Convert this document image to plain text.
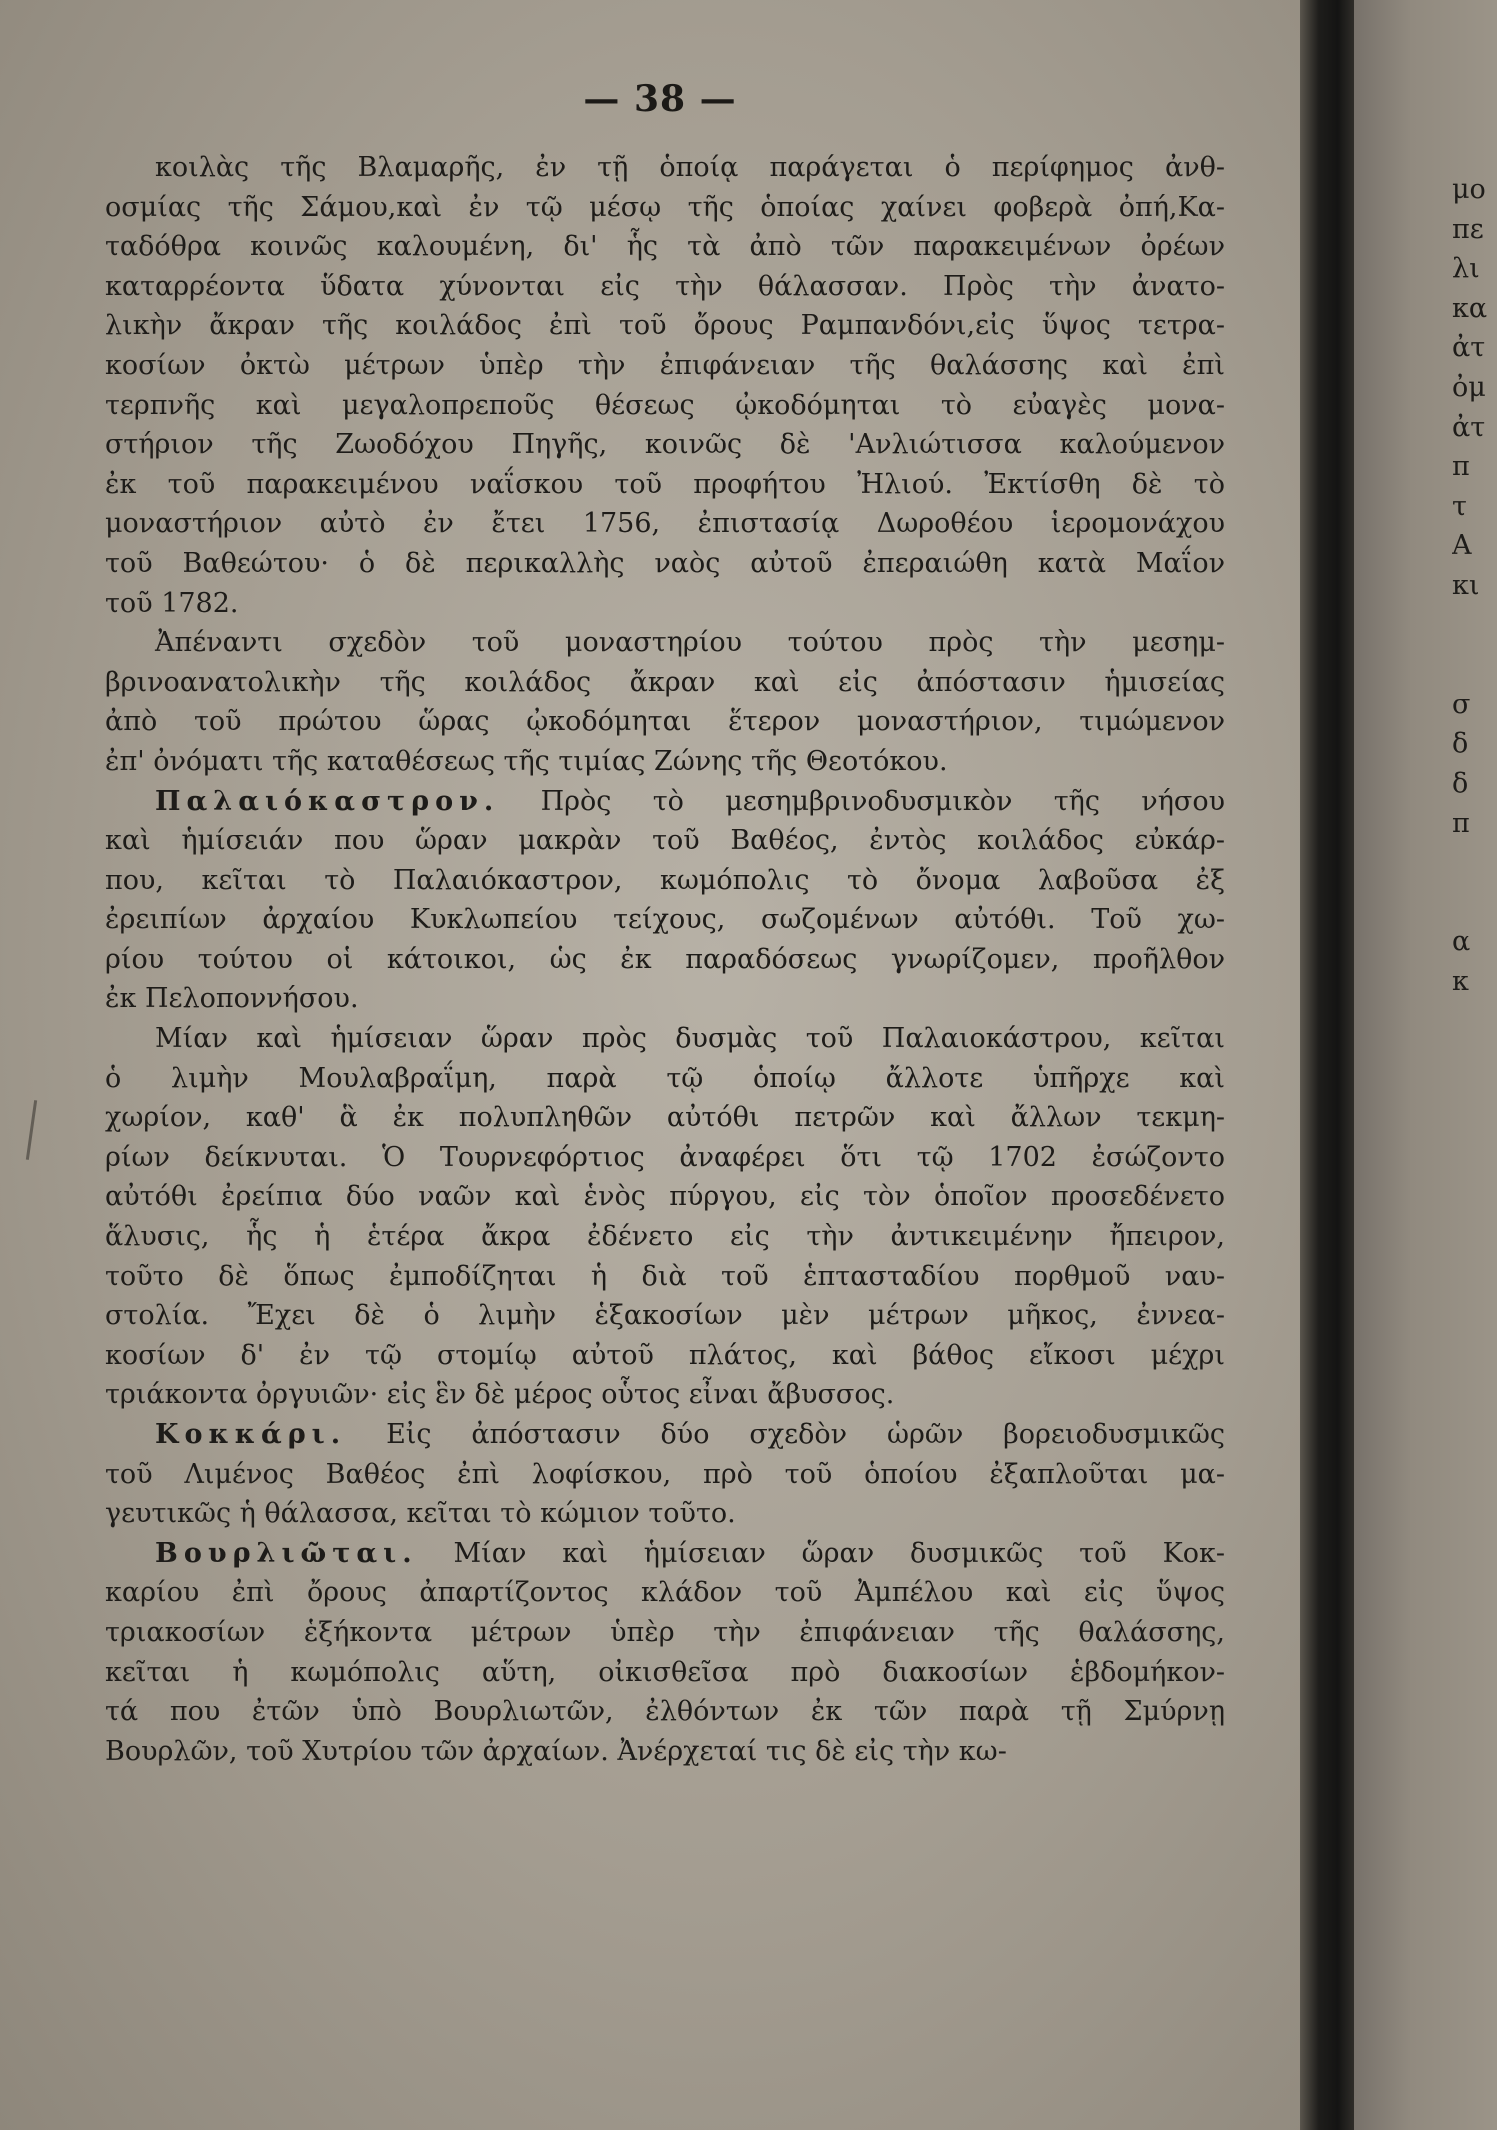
— 38 —
κοιλὰς τῆς Βλαμαρῆς, ἐν τῇ ὁποίᾳ παράγεται ὁ περίφημος ἀνθ-
οσμίας τῆς Σάμου,καὶ ἐν τῷ μέσῳ τῆς ὁποίας χαίνει φοβερὰ ὀπή,Κα-
ταδόθρα κοινῶς καλουμένη, δι' ἧς τὰ ἀπὸ τῶν παρακειμένων ὀρέων
καταρρέοντα ὕδατα χύνονται εἰς τὴν θάλασσαν. Πρὸς τὴν ἀνατο-
λικὴν ἄκραν τῆς κοιλάδος ἐπὶ τοῦ ὄρους Ραμπανδόνι,εἰς ὕψος τετρα-
κοσίων ὀκτὼ μέτρων ὑπὲρ τὴν ἐπιφάνειαν τῆς θαλάσσης καὶ ἐπὶ
τερπνῆς καὶ μεγαλοπρεποῦς θέσεως ᾠκοδόμηται τὸ εὐαγὲς μονα-
στήριον τῆς Ζωοδόχου Πηγῆς, κοινῶς δὲ 'Ανλιώτισσα καλούμενον
ἐκ τοῦ παρακειμένου ναΐσκου τοῦ προφήτου Ἠλιού. Ἐκτίσθη δὲ τὸ
μοναστήριον αὐτὸ ἐν ἔτει 1756, ἐπιστασίᾳ Δωροθέου ἱερομονάχου
τοῦ Βαθεώτου· ὁ δὲ περικαλλὴς ναὸς αὐτοῦ ἐπεραιώθη κατὰ Μαΐον
τοῦ 1782.
Ἀπέναντι σχεδὸν τοῦ μοναστηρίου τούτου πρὸς τὴν μεσημ-
βρινοανατολικὴν τῆς κοιλάδος ἄκραν καὶ εἰς ἀπόστασιν ἡμισείας
ἀπὸ τοῦ πρώτου ὥρας ᾠκοδόμηται ἕτερον μοναστήριον, τιμώμενον
ἐπ' ὀνόματι τῆς καταθέσεως τῆς τιμίας Ζώνης τῆς Θεοτόκου.
Παλαιόκαστρον. Πρὸς τὸ μεσημβρινοδυσμικὸν τῆς νήσου
καὶ ἡμίσειάν που ὥραν μακρὰν τοῦ Βαθέος, ἐντὸς κοιλάδος εὐκάρ-
που, κεῖται τὸ Παλαιόκαστρον, κωμόπολις τὸ ὄνομα λαβοῦσα ἐξ
ἐρειπίων ἀρχαίου Κυκλωπείου τείχους, σωζομένων αὐτόθι. Τοῦ χω-
ρίου τούτου οἱ κάτοικοι, ὡς ἐκ παραδόσεως γνωρίζομεν, προῆλθον
ἐκ Πελοποννήσου.
Μίαν καὶ ἡμίσειαν ὥραν πρὸς δυσμὰς τοῦ Παλαιοκάστρου, κεῖται
ὁ λιμὴν Μουλαβραΐμη, παρὰ τῷ ὁποίῳ ἄλλοτε ὑπῆρχε καὶ
χωρίον, καθ' ἃ ἐκ πολυπληθῶν αὐτόθι πετρῶν καὶ ἄλλων τεκμη-
ρίων δείκνυται. Ὁ Τουρνεφόρτιος ἀναφέρει ὅτι τῷ 1702 ἐσώζοντο
αὐτόθι ἐρείπια δύο ναῶν καὶ ἑνὸς πύργου, εἰς τὸν ὁποῖον προσεδένετο
ἅλυσις, ἧς ἡ ἑτέρα ἄκρα ἐδένετο εἰς τὴν ἀντικειμένην ἤπειρον,
τοῦτο δὲ ὅπως ἐμποδίζηται ἡ διὰ τοῦ ἑπτασταδίου πορθμοῦ ναυ-
στολία. Ἔχει δὲ ὁ λιμὴν ἑξακοσίων μὲν μέτρων μῆκος, ἐννεα-
κοσίων δ' ἐν τῷ στομίῳ αὐτοῦ πλάτος, καὶ βάθος εἴκοσι μέχρι
τριάκοντα ὀργυιῶν· εἰς ἓν δὲ μέρος οὗτος εἶναι ἄβυσσος.
Κοκκάρι. Εἰς ἀπόστασιν δύο σχεδὸν ὡρῶν βορειοδυσμικῶς
τοῦ Λιμένος Βαθέος ἐπὶ λοφίσκου, πρὸ τοῦ ὁποίου ἐξαπλοῦται μα-
γευτικῶς ἡ θάλασσα, κεῖται τὸ κώμιον τοῦτο.
Βουρλιῶται. Μίαν καὶ ἡμίσειαν ὥραν δυσμικῶς τοῦ Κοκ-
καρίου ἐπὶ ὄρους ἀπαρτίζοντος κλάδον τοῦ Ἀμπέλου καὶ εἰς ὕψος
τριακοσίων ἑξήκοντα μέτρων ὑπὲρ τὴν ἐπιφάνειαν τῆς θαλάσσης,
κεῖται ἡ κωμόπολις αὕτη, οἰκισθεῖσα πρὸ διακοσίων ἑβδομήκον-
τά που ἐτῶν ὑπὸ Βουρλιωτῶν, ἐλθόντων ἐκ τῶν παρὰ τῇ Σμύρνῃ
Βουρλῶν, τοῦ Χυτρίου τῶν ἀρχαίων. Ἀνέρχεταί τις δὲ εἰς τὴν κω-
μο
πε
λι
κα
ἀτ
ὀμ
ἀτ
π
τ
Α
κι
σ
δ
δ
π
α
κ
